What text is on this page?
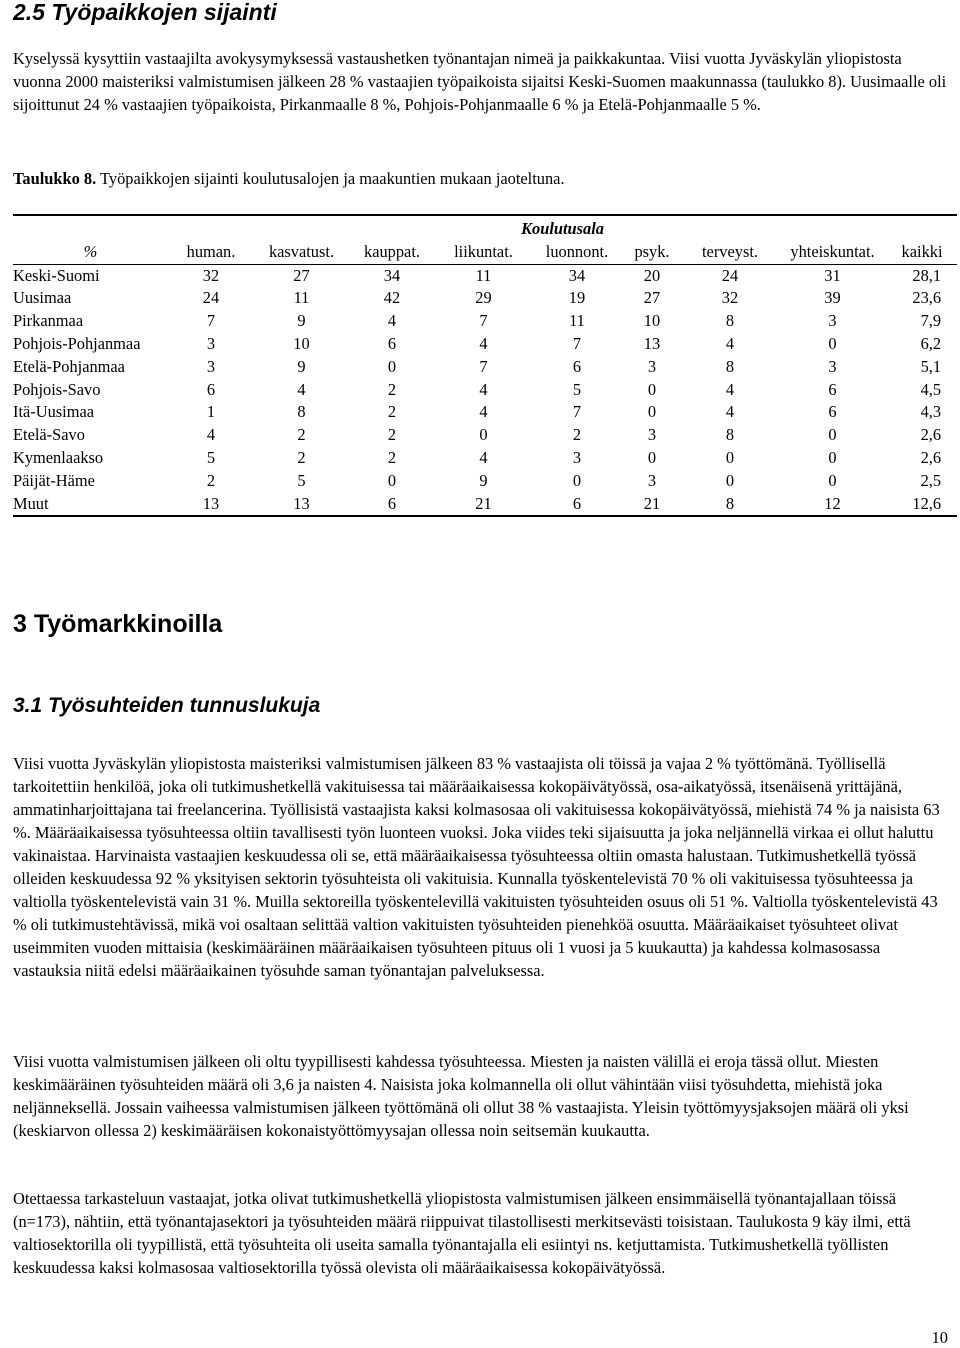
2.5 Työpaikkojen sijainti

Kyselyssä kysyttiin vastaajilta avokysymyksessä vastaushetken työnantajan nimeä ja paikkakuntaa. Viisi vuotta Jyväskylän yliopistosta vuonna 2000 maisteriksi valmistumisen jälkeen 28 % vastaajien työpaikoista sijaitsi Keski-Suomen maakunnassa (taulukko 8). Uusimaalle oli sijoittunut 24 % vastaajien työpaikoista, Pirkanmaalle 8 %, Pohjois-Pohjanmaalle 6 % ja Etelä-Pohjanmaalle 5 %.

Taulukko 8. Työpaikkojen sijainti koulutusalojen ja maakuntien mukaan jaoteltuna.

	Koulutusala								
%	human.	kasvatust.	kauppat.	liikuntat.	luonnont.	psyk.	terveyst.	yhteiskuntat.	kaikki
Keski-Suomi	32	27	34	11	34	20	24	31	28,1
Uusimaa	24	11	42	29	19	27	32	39	23,6
Pirkanmaa	7	9	4	7	11	10	8	3	7,9
Pohjois-Pohjanmaa	3	10	6	4	7	13	4	0	6,2
Etelä-Pohjanmaa	3	9	0	7	6	3	8	3	5,1
Pohjois-Savo	6	4	2	4	5	0	4	6	4,5
Itä-Uusimaa	1	8	2	4	7	0	4	6	4,3
Etelä-Savo	4	2	2	0	2	3	8	0	2,6
Kymenlaakso	5	2	2	4	3	0	0	0	2,6
Päijät-Häme	2	5	0	9	0	3	0	0	2,5
Muut	13	13	6	21	6	21	8	12	12,6
3 Työmarkkinoilla
3.1 Työsuhteiden tunnuslukuja

Viisi vuotta Jyväskylän yliopistosta maisteriksi valmistumisen jälkeen 83 % vastaajista oli töissä ja vajaa 2 % työttömänä. Työllisellä tarkoitettiin henkilöä, joka oli tutkimushetkellä vakituisessa tai määräaikaisessa kokopäivätyössä, osa-aikatyössä, itsenäisenä yrittäjänä, ammatinharjoittajana tai freelancerina. Työllisistä vastaajista kaksi kolmasosaa oli vakituisessa kokopäivätyössä, miehistä 74 % ja naisista 63 %. Määräaikaisessa työsuhteessa oltiin tavallisesti työn luonteen vuoksi. Joka viides teki sijaisuutta ja joka neljännellä virkaa ei ollut haluttu vakinaistaa. Harvinaista vastaajien keskuudessa oli se, että määräaikaisessa työsuhteessa oltiin omasta halustaan. Tutkimushetkellä työssä olleiden keskuudessa 92 % yksityisen sektorin työsuhteista oli vakituisia. Kunnalla työskentelevistä 70 % oli vakituisessa työsuhteessa ja valtiolla työskentelevistä vain 31 %. Muilla sektoreilla työskentelevillä vakituisten työsuhteiden osuus oli 51 %. Valtiolla työskentelevistä 43 % oli tutkimustehtävissä, mikä voi osaltaan selittää valtion vakituisten työsuhteiden pienehköä osuutta. Määräaikaiset työsuhteet olivat useimmiten vuoden mittaisia (keskimääräinen määräaikaisen työsuhteen pituus oli 1 vuosi ja 5 kuukautta) ja kahdessa kolmasosassa vastauksia niitä edelsi määräaikainen työsuhde saman työnantajan palveluksessa.

Viisi vuotta valmistumisen jälkeen oli oltu tyypillisesti kahdessa työsuhteessa. Miesten ja naisten välillä ei eroja tässä ollut. Miesten keskimääräinen työsuhteiden määrä oli 3,6 ja naisten 4. Naisista joka kolmannella oli ollut vähintään viisi työsuhdetta, miehistä joka neljänneksellä. Jossain vaiheessa valmistumisen jälkeen työttömänä oli ollut 38 % vastaajista. Yleisin työttömyysjaksojen määrä oli yksi (keskiarvon ollessa 2) keskimääräisen kokonaistyöttömyysajan ollessa noin seitsemän kuukautta.

Otettaessa tarkasteluun vastaajat, jotka olivat tutkimushetkellä yliopistosta valmistumisen jälkeen ensimmäisellä työnantajallaan töissä (n=173), nähtiin, että työnantajasektori ja työsuhteiden määrä riippuivat tilastollisesti merkitsevästi toisistaan. Taulukosta 9 käy ilmi, että valtiosektorilla oli tyypillistä, että työsuhteita oli useita samalla työnantajalla eli esiintyi ns. ketjuttamista. Tutkimushetkellä työllisten keskuudessa kaksi kolmasosaa valtiosektorilla työssä olevista oli määräaikaisessa kokopäivätyössä.

10
